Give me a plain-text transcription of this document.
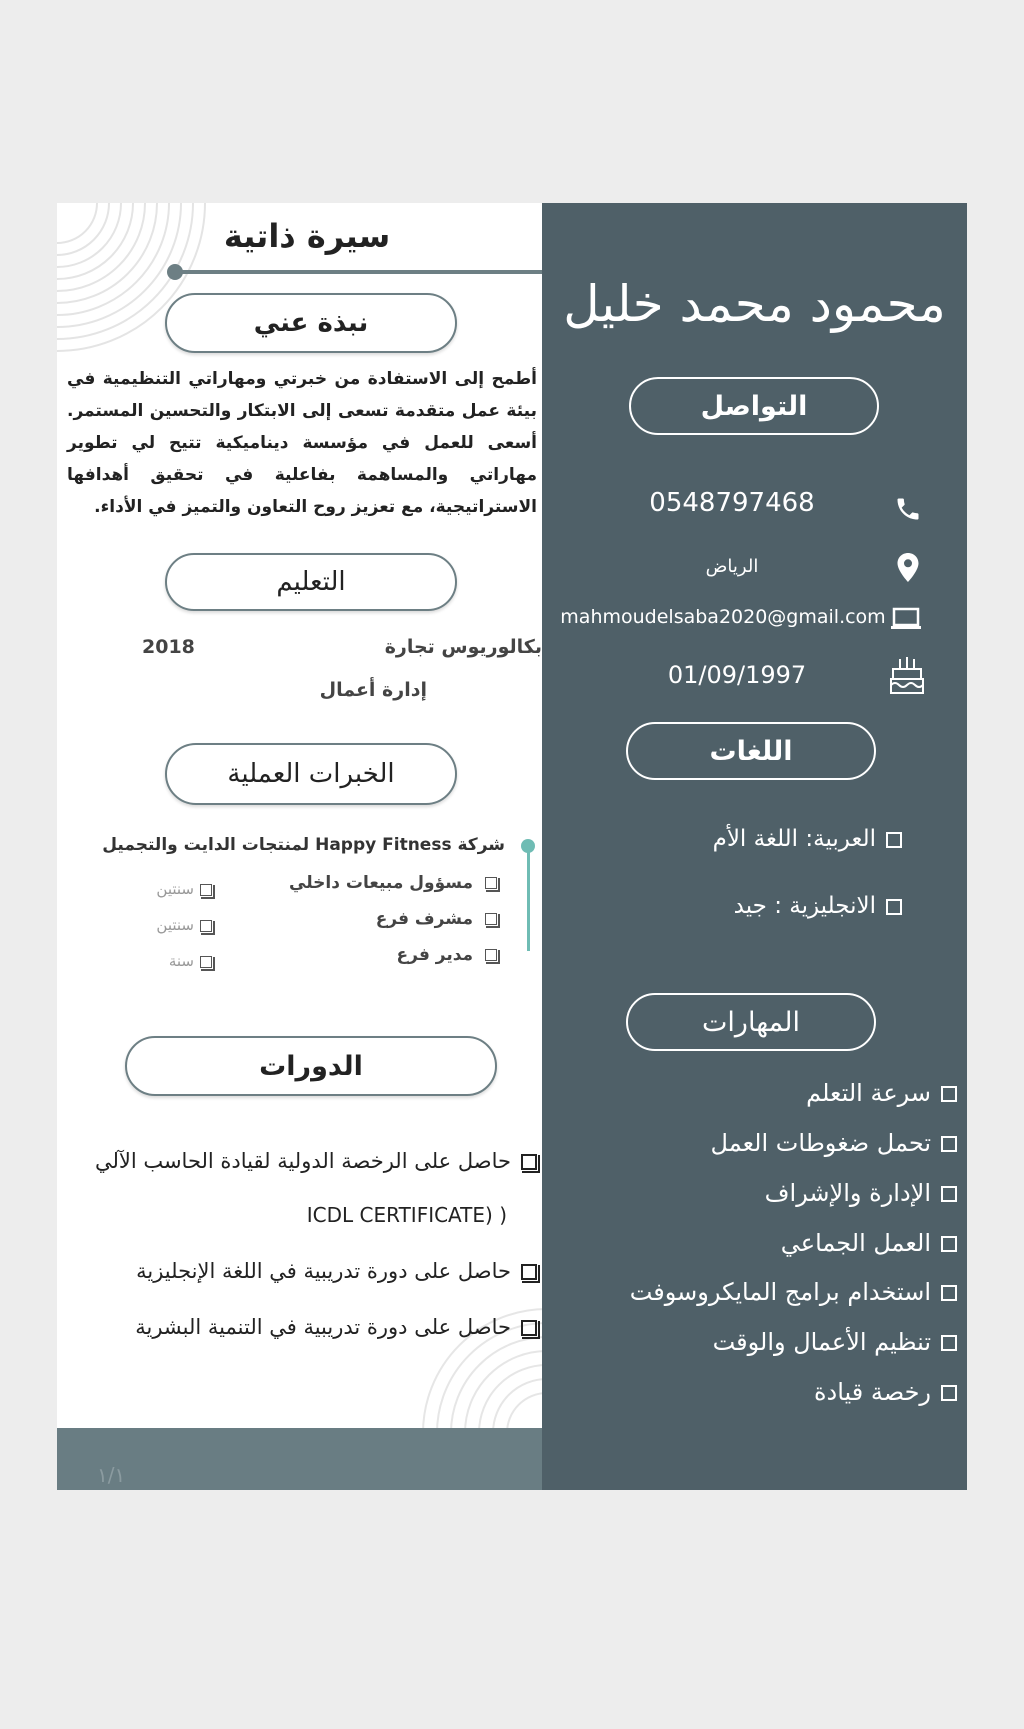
سيرة ذاتية
نبذة عني
أطمح إلى الاستفادة من خبرتي ومهاراتي التنظيمية في بيئة عمل متقدمة تسعى إلى الابتكار والتحسين المستمر. أسعى للعمل في مؤسسة ديناميكية تتيح لي تطوير مهاراتي والمساهمة بفاعلية في تحقيق أهدافها الاستراتيجية، مع تعزيز روح التعاون والتميز في الأداء.
التعليم
بكالوريوس تجارة
2018
إدارة أعمال
الخبرات العملية
شركة Happy Fitness لمنتجات الدايت والتجميل
مسؤول مبيعات داخلي
مشرف فرع
مدير فرع
سنتين
سنتين
سنة
الدورات
حاصل على الرخصة الدولية لقيادة الحاسب الآلي
ICDL CERTIFICATE) )
حاصل على دورة تدريبية في اللغة الإنجليزية
حاصل على دورة تدريبية في التنمية البشرية
١/١
محمود محمد خليل
التواصل
0548797468
الرياض
mahmoudelsaba2020@gmail.com
01/09/1997
اللغات
العربية: اللغة الأم
الانجليزية : جيد
المهارات
سرعة التعلم
تحمل ضغوطات العمل
الإدارة والإشراف
العمل الجماعي
استخدام برامج المايكروسوفت
تنظيم الأعمال والوقت
رخصة قيادة
